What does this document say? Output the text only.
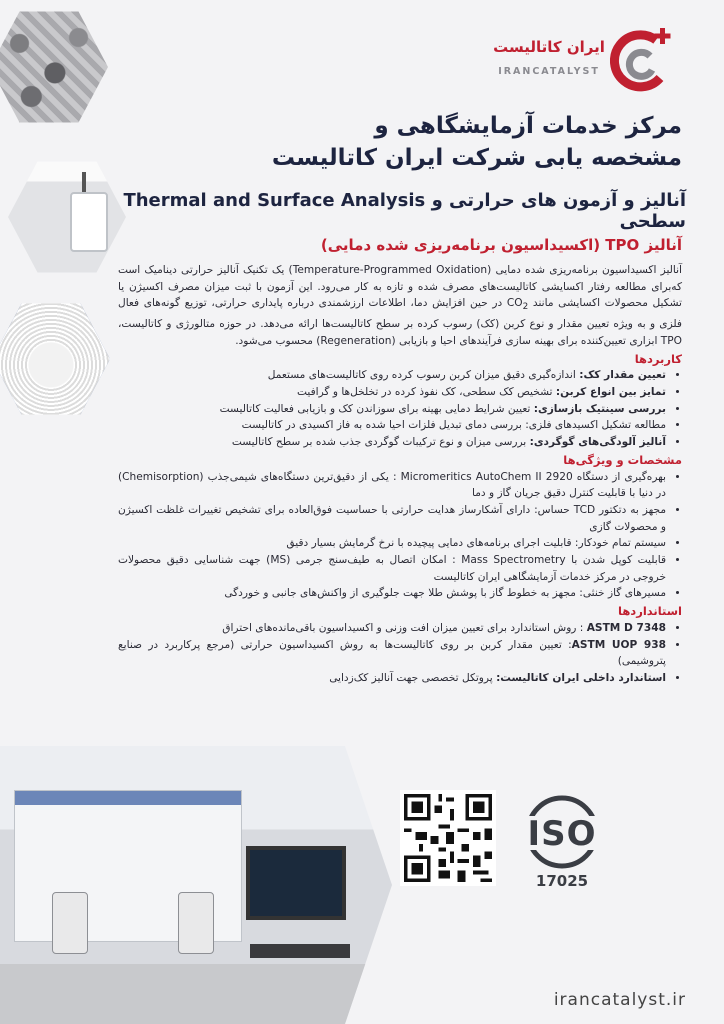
ایران کاتالیست
IRANCATALYST
مرکز خدمات آزمایشگاهی و
مشخصه یابی شرکت ایران کاتالیست
Thermal and Surface Analysis آنالیز و آزمون های حرارتی و سطحی
آنالیز TPO (اکسیداسیون برنامه‌ریزی شده دمایی)

آنالیز اکسیداسیون برنامه‌ریزی شده دمایی (Temperature-Programmed Oxidation) یک تکنیک آنالیز حرارتی دینامیک است که‌برای مطالعه رفتار اکسایشی کاتالیست‌های مصرف شده و تازه به کار می‌رود. این آزمون با ثبت میزان مصرف اکسیژن یا تشکیل محصولات اکسایشی مانند $CO_2$ در حین افزایش دما، اطلاعات ارزشمندی درباره پایداری حرارتی، توزیع گونه‌های فعال فلزی و به ویژه تعیین مقدار و نوع کربن (کک) رسوب کرده بر سطح کاتالیست‌ها ارائه می‌دهد. در حوزه متالورژی و کاتالیست، TPO ابزاری تعیین‌کننده برای بهینه سازی فرآیندهای احیا و بازیابی (Regeneration) محسوب می‌شود.

کاربردها
• تعیین مقدار کک: اندازه‌گیری دقیق میزان کربن رسوب کرده روی کاتالیست‌های مستعمل
• تمایز بین انواع کربن: تشخیص کک سطحی، کک نفوذ کرده در تخلخل‌ها و گرافیت
• بررسی سینتیک بازسازی: تعیین شرایط دمایی بهینه برای سوزاندن کک و بازیابی فعالیت کاتالیست
• مطالعه تشکیل اکسیدهای فلزی: بررسی دمای تبدیل فلزات احیا شده به فاز اکسیدی در کاتالیست
• آنالیز آلودگی‌های گوگردی: بررسی میزان و نوع ترکیبات گوگردی جذب شده بر سطح کاتالیست
مشخصات و ویژگی‌ها
• بهره‌گیری از دستگاه Micromeritics AutoChem II 2920 : یکی از دقیق‌ترین دستگاه‌های شیمی‌جذب (Chemisorption) در دنیا با قابلیت کنترل دقیق جریان گاز و دما
• مجهز به دتکتور TCD حساس: دارای آشکارساز هدایت حرارتی با حساسیت فوق‌العاده برای تشخیص تغییرات غلظت اکسیژن و محصولات گازی
• سیستم تمام خودکار: قابلیت اجرای برنامه‌های دمایی پیچیده با نرخ گرمایش بسیار دقیق
• قابلیت کوپل شدن با Mass Spectrometry : امکان اتصال به طیف‌سنج جرمی (MS) جهت شناسایی دقیق محصولات خروجی در مرکز خدمات آزمایشگاهی ایران کاتالیست
• مسیرهای گاز خنثی: مجهز به خطوط گاز با پوشش طلا جهت جلوگیری از واکنش‌های جانبی و خوردگی
استانداردها
• ASTM D 7348 : روش استاندارد برای تعیین میزان افت وزنی و اکسیداسیون باقی‌مانده‌های احتراق
• ASTM UOP 938: تعیین مقدار کربن بر روی کاتالیست‌ها به روش اکسیداسیون حرارتی (مرجع پرکاربرد در صنایع پتروشیمی)
• استاندارد داخلی ایران کاتالیست: پروتکل تخصصی جهت آنالیز کک‌زدایی
ISO
17025
irancatalyst.ir
